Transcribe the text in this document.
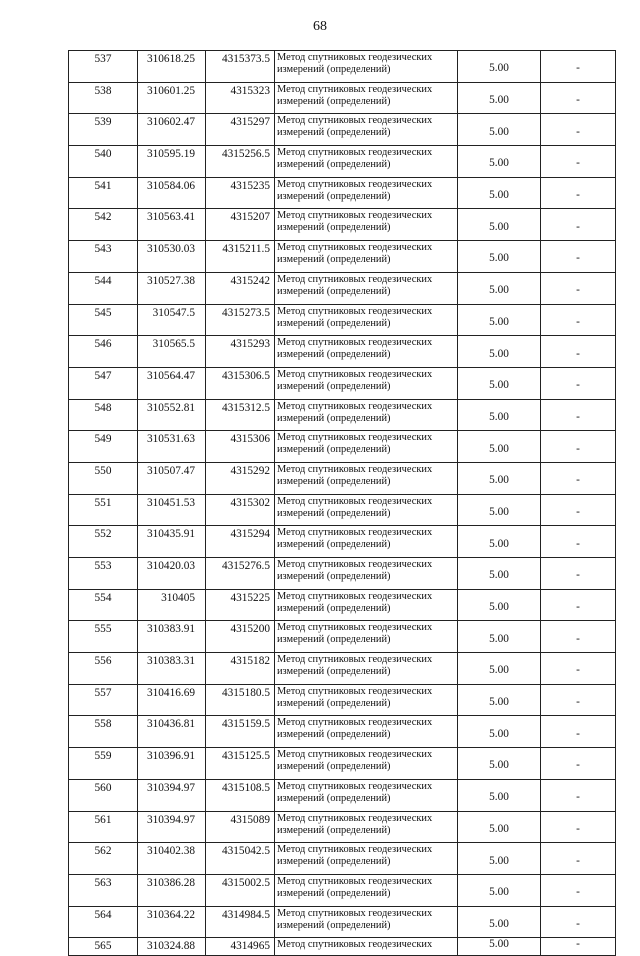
68
537	310618.25	4315373.5	Метод спутниковых геодезических измерений (определений)	5.00	-
538	310601.25	4315323	Метод спутниковых геодезических измерений (определений)	5.00	-
539	310602.47	4315297	Метод спутниковых геодезических измерений (определений)	5.00	-
540	310595.19	4315256.5	Метод спутниковых геодезических измерений (определений)	5.00	-
541	310584.06	4315235	Метод спутниковых геодезических измерений (определений)	5.00	-
542	310563.41	4315207	Метод спутниковых геодезических измерений (определений)	5.00	-
543	310530.03	4315211.5	Метод спутниковых геодезических измерений (определений)	5.00	-
544	310527.38	4315242	Метод спутниковых геодезических измерений (определений)	5.00	-
545	310547.5	4315273.5	Метод спутниковых геодезических измерений (определений)	5.00	-
546	310565.5	4315293	Метод спутниковых геодезических измерений (определений)	5.00	-
547	310564.47	4315306.5	Метод спутниковых геодезических измерений (определений)	5.00	-
548	310552.81	4315312.5	Метод спутниковых геодезических измерений (определений)	5.00	-
549	310531.63	4315306	Метод спутниковых геодезических измерений (определений)	5.00	-
550	310507.47	4315292	Метод спутниковых геодезических измерений (определений)	5.00	-
551	310451.53	4315302	Метод спутниковых геодезических измерений (определений)	5.00	-
552	310435.91	4315294	Метод спутниковых геодезических измерений (определений)	5.00	-
553	310420.03	4315276.5	Метод спутниковых геодезических измерений (определений)	5.00	-
554	310405	4315225	Метод спутниковых геодезических измерений (определений)	5.00	-
555	310383.91	4315200	Метод спутниковых геодезических измерений (определений)	5.00	-
556	310383.31	4315182	Метод спутниковых геодезических измерений (определений)	5.00	-
557	310416.69	4315180.5	Метод спутниковых геодезических измерений (определений)	5.00	-
558	310436.81	4315159.5	Метод спутниковых геодезических измерений (определений)	5.00	-
559	310396.91	4315125.5	Метод спутниковых геодезических измерений (определений)	5.00	-
560	310394.97	4315108.5	Метод спутниковых геодезических измерений (определений)	5.00	-
561	310394.97	4315089	Метод спутниковых геодезических измерений (определений)	5.00	-
562	310402.38	4315042.5	Метод спутниковых геодезических измерений (определений)	5.00	-
563	310386.28	4315002.5	Метод спутниковых геодезических измерений (определений)	5.00	-
564	310364.22	4314984.5	Метод спутниковых геодезических измерений (определений)	5.00	-
565	310324.88	4314965	Метод спутниковых геодезических	5.00	-
